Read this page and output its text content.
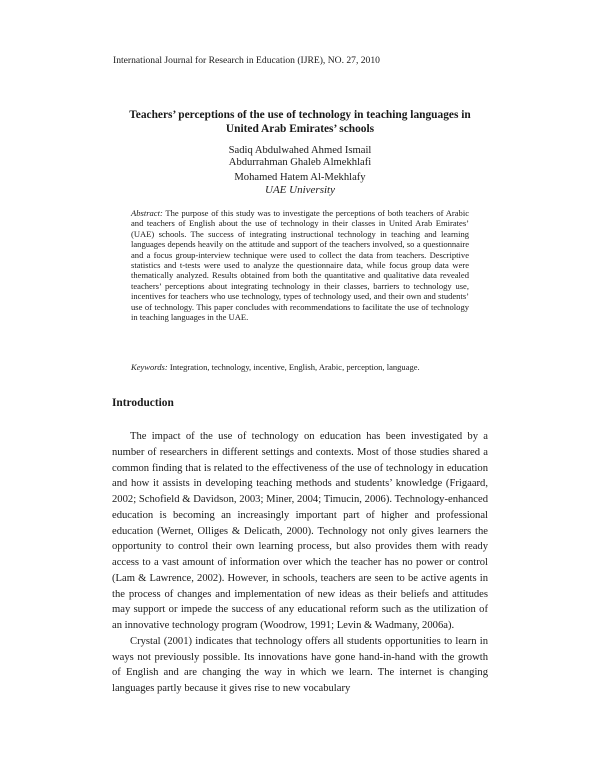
International Journal for Research in Education (IJRE), NO. 27, 2010
Teachers’ perceptions of the use of technology in teaching languages in
United Arab Emirates’ schools
Sadiq Abdulwahed Ahmed Ismail
Abdurrahman Ghaleb Almekhlafi
Mohamed Hatem Al-Mekhlafy
UAE University
Abstract: The purpose of this study was to investigate the perceptions of both teachers of Arabic and teachers of English about the use of technology in their classes in United Arab Emirates’ (UAE) schools. The success of integrating instructional technology in teaching and learning languages depends heavily on the attitude and support of the teachers involved, so a questionnaire and a focus group-interview technique were used to collect the data from teachers. Descriptive statistics and t-tests were used to analyze the questionnaire data, while focus group data were thematically analyzed. Results obtained from both the quantitative and qualitative data revealed teachers’ perceptions about integrating technology in their classes, barriers to technology use, incentives for teachers who use technology, types of technology used, and their own and students’ use of technology. This paper concludes with recommendations to facilitate the use of technology in teaching languages in the UAE.
Keywords: Integration, technology, incentive, English, Arabic, perception, language.
Introduction

The impact of the use of technology on education has been investigated by a number of researchers in different settings and contexts. Most of those studies shared a common finding that is related to the effectiveness of the use of technology in education and how it assists in developing teaching methods and students’ knowledge (Frigaard, 2002; Schofield & Davidson, 2003; Miner, 2004; Timucin, 2006). Technology-enhanced education is becoming an increasingly important part of higher and professional education (Wernet, Olliges & Delicath, 2000). Technology not only gives learners the opportunity to control their own learning process, but also provides them with ready access to a vast amount of information over which the teacher has no power or control (Lam & Lawrence, 2002). However, in schools, teachers are seen to be active agents in the process of changes and implementation of new ideas as their beliefs and attitudes may support or impede the success of any educational reform such as the utilization of an innovative technology program (Woodrow, 1991; Levin & Wadmany, 2006a).

Crystal (2001) indicates that technology offers all students opportunities to learn in ways not previously possible. Its innovations have gone hand-in-hand with the growth of English and are changing the way in which we learn. The internet is changing languages partly because it gives rise to new vocabulary
